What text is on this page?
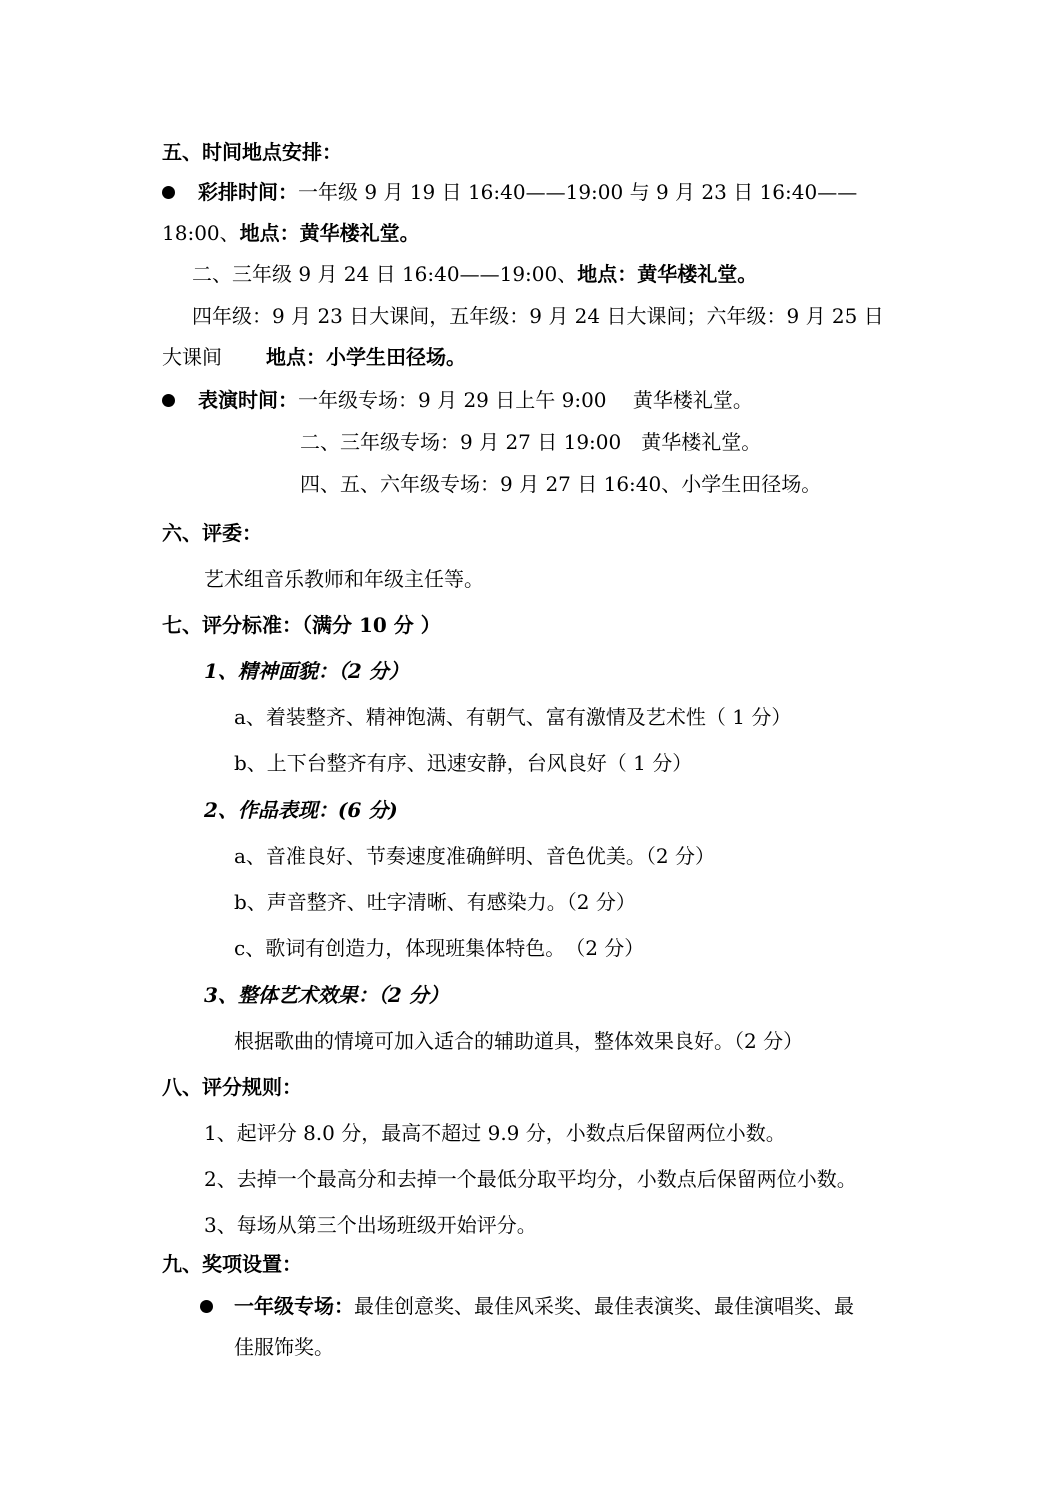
五、时间地点安排：
彩排时间：一年级 9 月 19 日 16:40——19:00 与 9 月 23 日 16:40——
18:00、地点：黄华楼礼堂。
二、三年级 9 月 24 日 16:40——19:00、地点：黄华楼礼堂。
四年级：9 月 23 日大课间，五年级：9 月 24 日大课间；六年级：9 月 25 日
大课间 地点：小学生田径场。
表演时间：一年级专场：9 月 29 日上午 9:00　 黄华楼礼堂。
二、三年级专场：9 月 27 日 19:00　黄华楼礼堂。
四、五、六年级专场：9 月 27 日 16:40、小学生田径场。
六、评委：
艺术组音乐教师和年级主任等。
七、评分标准：（满分 10 分 ）
1、精神面貌：（2 分）
a、着装整齐、精神饱满、有朝气、富有激情及艺术性（ 1 分）
b、上下台整齐有序、迅速安静，台风良好（ 1 分）
2、作品表现：(6 分)
a、音准良好、节奏速度准确鲜明、音色优美。（2 分）
b、声音整齐、吐字清晰、有感染力。（2 分）
c、歌词有创造力，体现班集体特色。　（2 分）
3、整体艺术效果：（2 分）
根据歌曲的情境可加入适合的辅助道具，整体效果良好。（2 分）
八、评分规则：
1、起评分 8.0 分，最高不超过 9.9 分，小数点后保留两位小数。
2、去掉一个最高分和去掉一个最低分取平均分，小数点后保留两位小数。
3、每场从第三个出场班级开始评分。
九、奖项设置：
一年级专场：最佳创意奖、最佳风采奖、最佳表演奖、最佳演唱奖、最
佳服饰奖。
